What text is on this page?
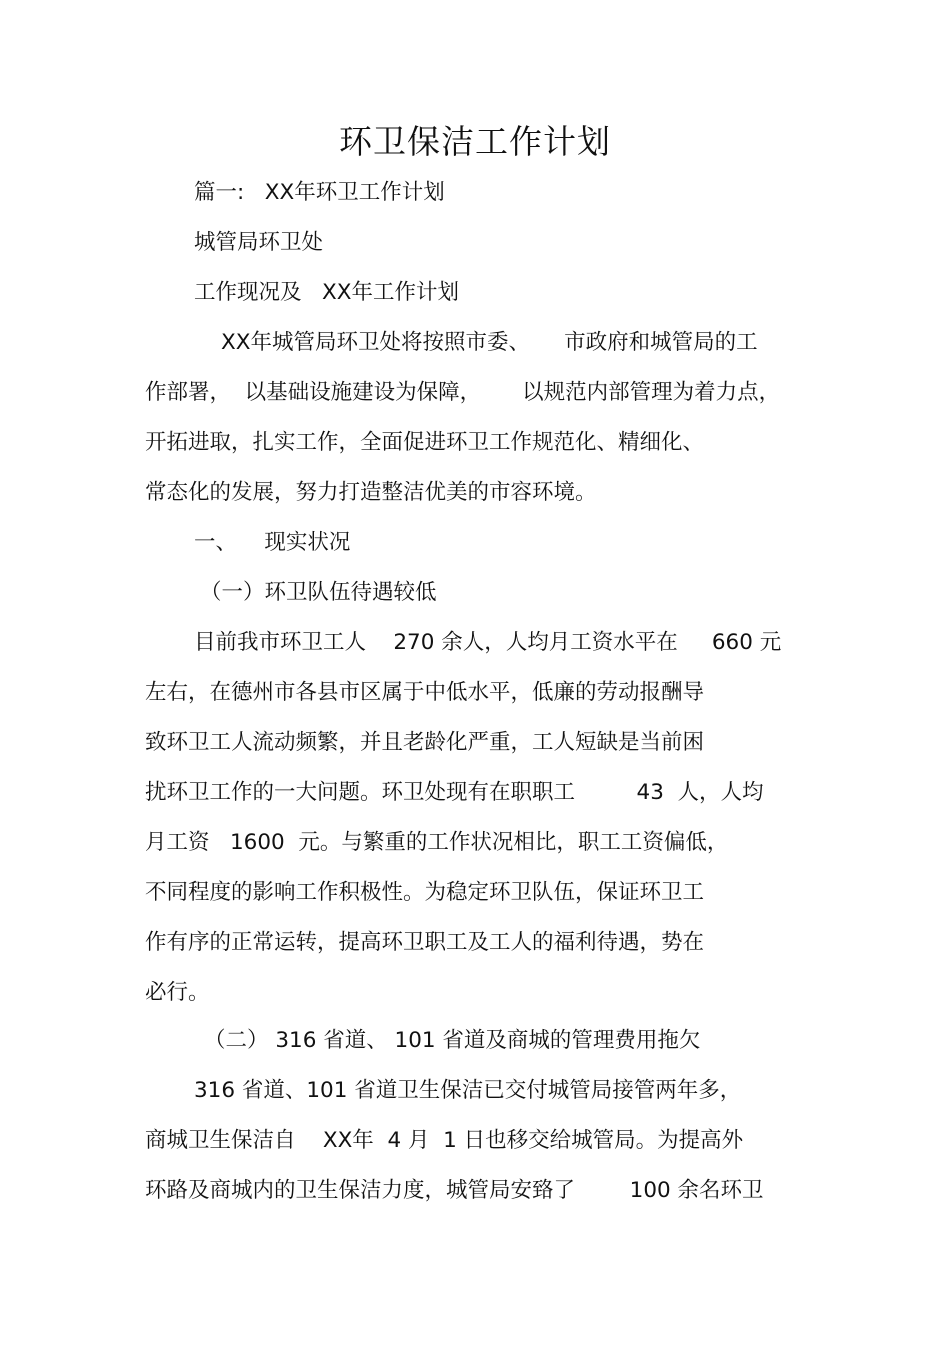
环卫保洁工作计划
篇一:   XX年环卫工作计划
城管局环卫处
工作现况及   XX年工作计划
XX年城管局环卫处将按照市委、     市政府和城管局的工
作部署，  以基础设施建设为保障，      以规范内部管理为着力点，
开拓进取，扎实工作，全面促进环卫工作规范化、精细化、
常态化的发展，努力打造整洁优美的市容环境。
一、    现实状况
（一）环卫队伍待遇较低
目前我市环卫工人    270 余人，人均月工资水平在     660 元
左右，在德州市各县市区属于中低水平，低廉的劳动报酬导
致环卫工人流动频繁，并且老龄化严重，工人短缺是当前困
扰环卫工作的一大问题。环卫处现有在职职工         43  人，人均
月工资   1600  元。与繁重的工作状况相比，职工工资偏低，
不同程度的影响工作积极性。为稳定环卫队伍，保证环卫工
作有序的正常运转，提高环卫职工及工人的福利待遇，势在
必行。
（二） 316 省道、 101 省道及商城的管理费用拖欠
316 省道、101 省道卫生保洁已交付城管局接管两年多，
商城卫生保洁自    XX年  4 月  1 日也移交给城管局。为提高外
环路及商城内的卫生保洁力度，城管局安臵了        100 余名环卫
